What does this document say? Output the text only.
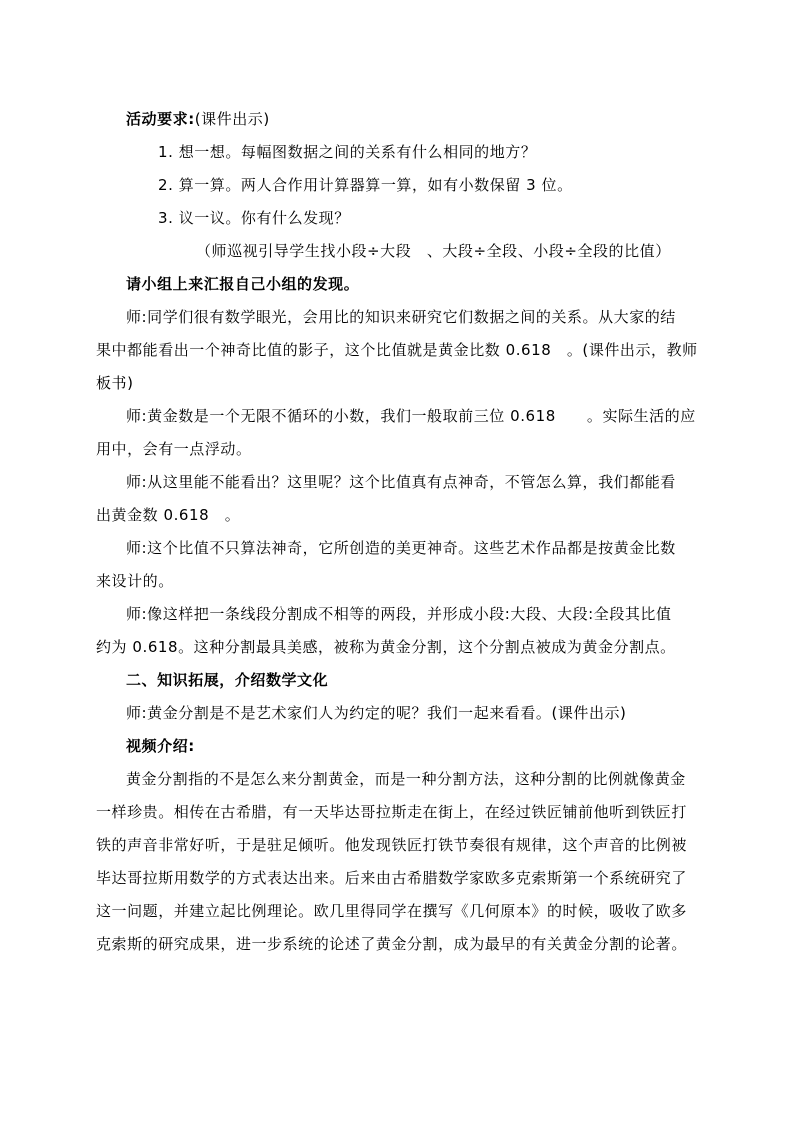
活动要求:(课件出示)
1. 想一想。每幅图数据之间的关系有什么相同的地方？
2. 算一算。两人合作用计算器算一算，如有小数保留 3 位。
3. 议一议。你有什么发现？
（师巡视引导学生找小段÷大段　、大段÷全段、小段÷全段的比值）
请小组上来汇报自己小组的发现。
师:同学们很有数学眼光，会用比的知识来研究它们数据之间的关系。从大家的结
果中都能看出一个神奇比值的影子，这个比值就是黄金比数 0.618　。(课件出示，教师
板书)
师:黄金数是一个无限不循环的小数，我们一般取前三位 0.618　　。实际生活的应
用中，会有一点浮动。
师:从这里能不能看出？这里呢？这个比值真有点神奇，不管怎么算，我们都能看
出黄金数 0.618　。
师:这个比值不只算法神奇，它所创造的美更神奇。这些艺术作品都是按黄金比数
来设计的。
师:像这样把一条线段分割成不相等的两段，并形成小段:大段、大段:全段其比值
约为 0.618。这种分割最具美感，被称为黄金分割，这个分割点被成为黄金分割点。
二、知识拓展，介绍数学文化
师:黄金分割是不是艺术家们人为约定的呢？我们一起来看看。(课件出示)
视频介绍:
黄金分割指的不是怎么来分割黄金，而是一种分割方法，这种分割的比例就像黄金
一样珍贵。相传在古希腊，有一天毕达哥拉斯走在街上，在经过铁匠铺前他听到铁匠打
铁的声音非常好听，于是驻足倾听。他发现铁匠打铁节奏很有规律，这个声音的比例被
毕达哥拉斯用数学的方式表达出来。后来由古希腊数学家欧多克索斯第一个系统研究了
这一问题，并建立起比例理论。欧几里得同学在撰写《几何原本》的时候，吸收了欧多
克索斯的研究成果，进一步系统的论述了黄金分割，成为最早的有关黄金分割的论著。
